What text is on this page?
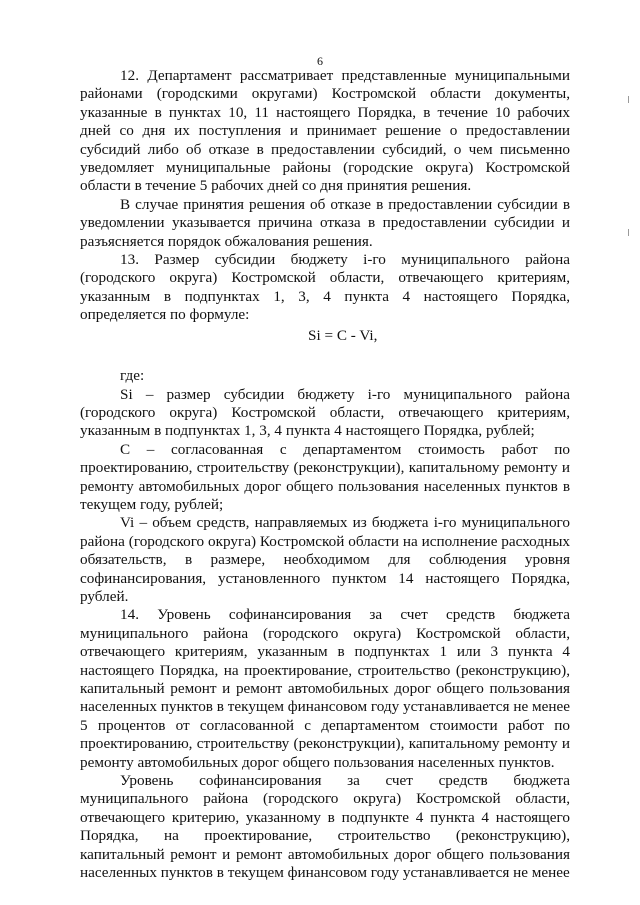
6

12. Департамент рассматривает представленные муниципальными районами (городскими округами) Костромской области документы, указанные в пунктах 10, 11 настоящего Порядка, в течение 10 рабочих дней со дня их поступления и принимает решение о предоставлении субсидий либо об отказе в предоставлении субсидий, о чем письменно уведомляет муниципальные районы (городские округа) Костромской области в течение 5 рабочих дней со дня принятия решения.

В случае принятия решения об отказе в предоставлении субсидии в уведомлении указывается причина отказа в предоставлении субсидии и разъясняется порядок обжалования решения.

13. Размер субсидии бюджету i-го муниципального района (городского округа) Костромской области, отвечающего критериям, указанным в подпунктах 1, 3, 4 пункта 4 настоящего Порядка, определяется по формуле:

Si = C - Vi,

где:

Si – размер субсидии бюджету i-го муниципального района (городского округа) Костромской области, отвечающего критериям, указанным в подпунктах 1, 3, 4 пункта 4 настоящего Порядка, рублей;

C – согласованная с департаментом стоимость работ по проектированию, строительству (реконструкции), капитальному ремонту и ремонту автомобильных дорог общего пользования населенных пунктов в текущем году, рублей;

Vi – объем средств, направляемых из бюджета i-го муниципального района (городского округа) Костромской области на исполнение расходных обязательств, в размере, необходимом для соблюдения уровня софинансирования, установленного пунктом 14 настоящего Порядка, рублей.

14. Уровень софинансирования за счет средств бюджета муниципального района (городского округа) Костромской области, отвечающего критериям, указанным в подпунктах 1 или 3 пункта 4 настоящего Порядка, на проектирование, строительство (реконструкцию), капитальный ремонт и ремонт автомобильных дорог общего пользования населенных пунктов в текущем финансовом году устанавливается не менее 5 процентов от согласованной с департаментом стоимости работ по проектированию, строительству (реконструкции), капитальному ремонту и ремонту автомобильных дорог общего пользования населенных пунктов.

Уровень софинансирования за счет средств бюджета муниципального района (городского округа) Костромской области, отвечающего критерию, указанному в подпункте 4 пункта 4 настоящего Порядка, на проектирование, строительство (реконструкцию), капитальный ремонт и ремонт автомобильных дорог общего пользования населенных пунктов в текущем финансовом году устанавливается не менее
